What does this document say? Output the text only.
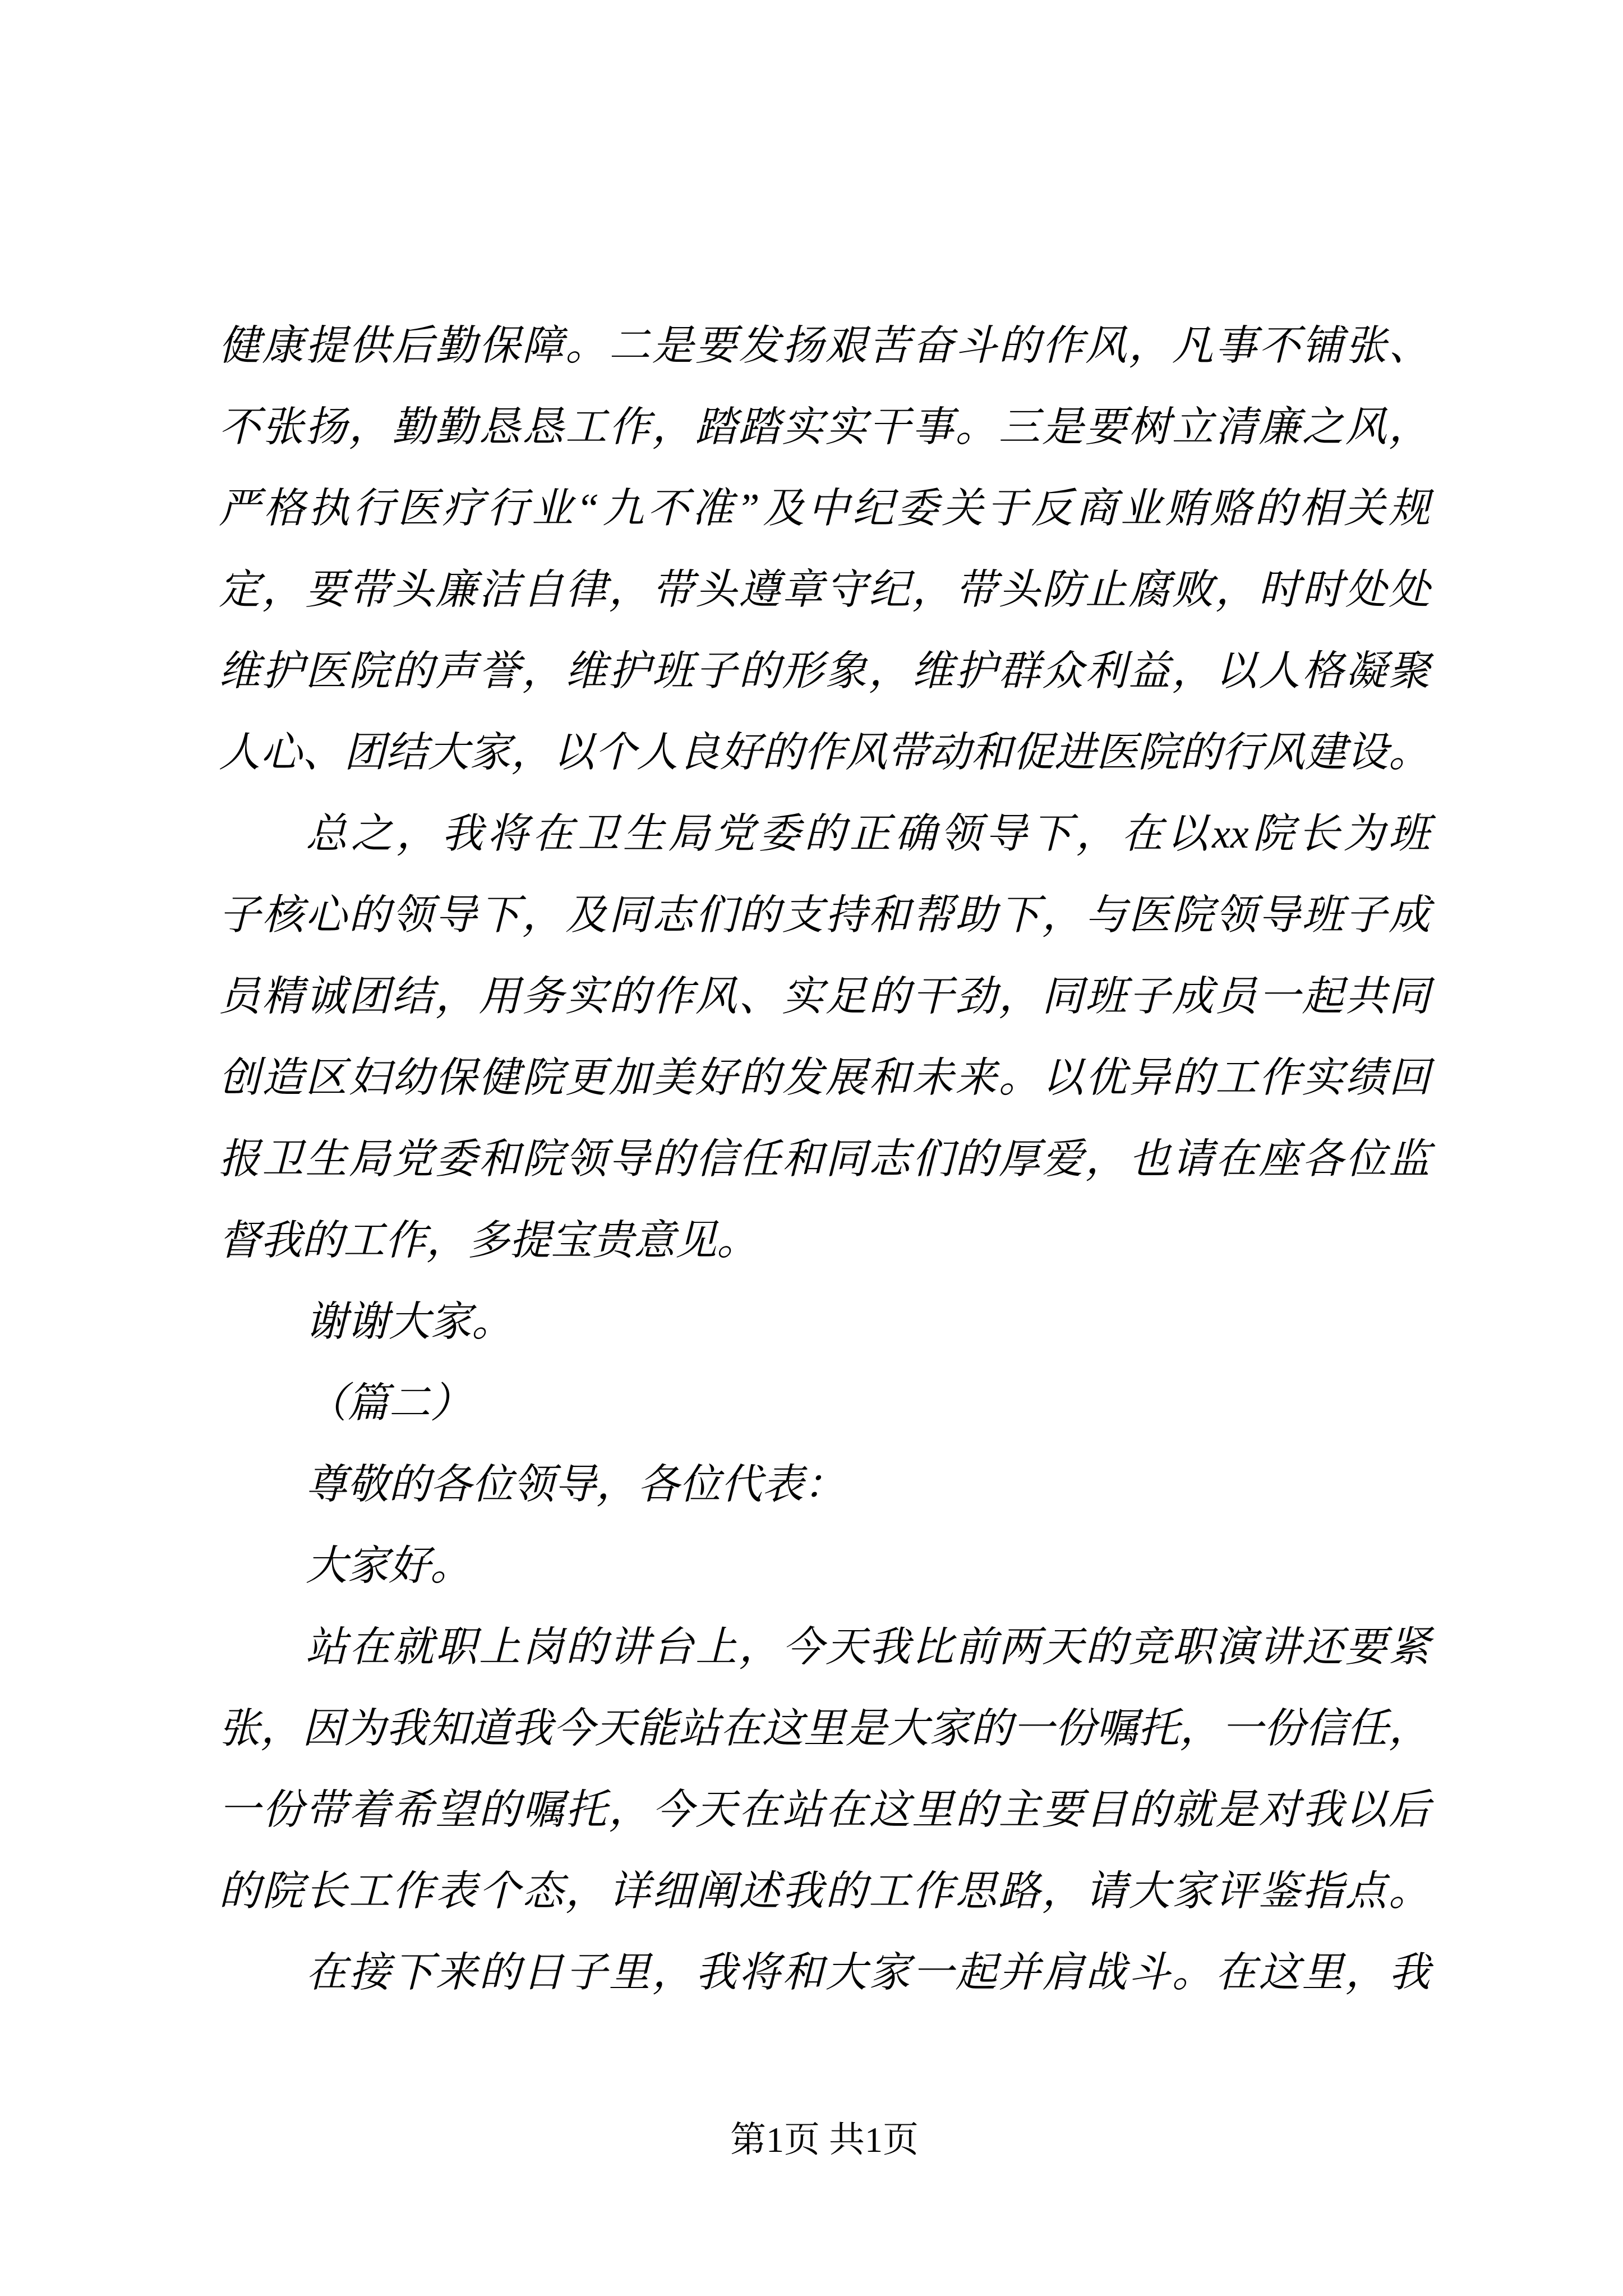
健康提供后勤保障。二是要发扬艰苦奋斗的作风，凡事不铺张、
不张扬，勤勤恳恳工作，踏踏实实干事。三是要树立清廉之风，
严格执行医疗行业“九不准”及中纪委关于反商业贿赂的相关规
定，要带头廉洁自律，带头遵章守纪，带头防止腐败，时时处处
维护医院的声誉，维护班子的形象，维护群众利益，以人格凝聚
人心、团结大家，以个人良好的作风带动和促进医院的行风建设。
总之，我将在卫生局党委的正确领导下，在以xx院长为班
子核心的领导下，及同志们的支持和帮助下，与医院领导班子成
员精诚团结，用务实的作风、实足的干劲，同班子成员一起共同
创造区妇幼保健院更加美好的发展和未来。以优异的工作实绩回
报卫生局党委和院领导的信任和同志们的厚爱，也请在座各位监
督我的工作，多提宝贵意见。
谢谢大家。
（篇二）
尊敬的各位领导，各位代表：
大家好。
站在就职上岗的讲台上，今天我比前两天的竞职演讲还要紧
张，因为我知道我今天能站在这里是大家的一份嘱托，一份信任，
一份带着希望的嘱托，今天在站在这里的主要目的就是对我以后
的院长工作表个态，详细阐述我的工作思路，请大家评鉴指点。
在接下来的日子里，我将和大家一起并肩战斗。在这里，我
第1页 共1页
